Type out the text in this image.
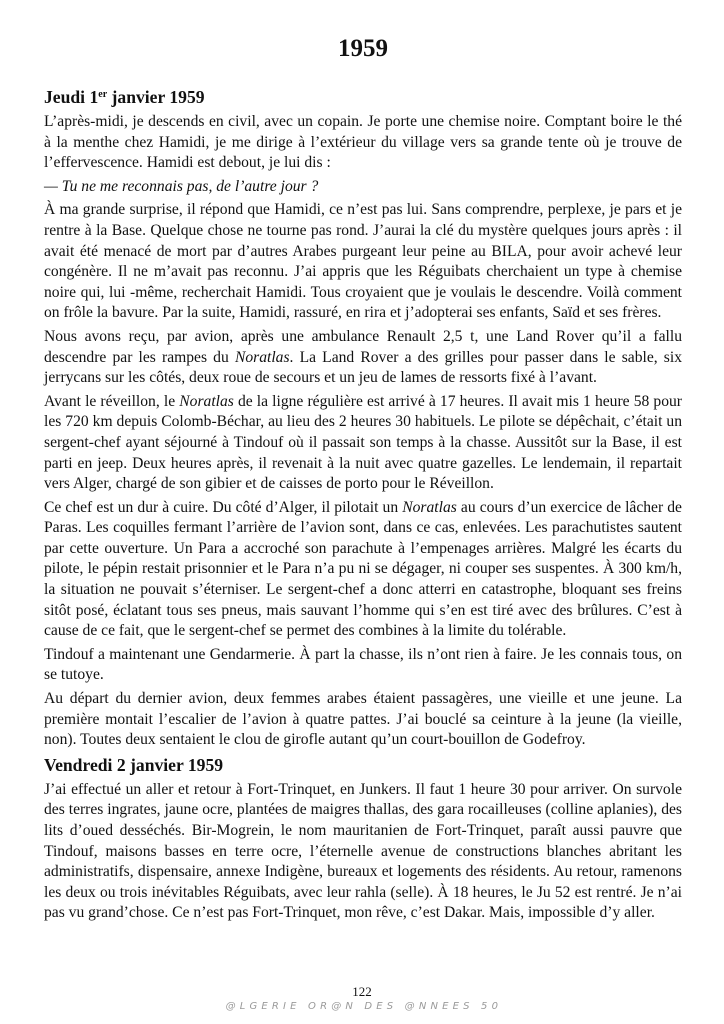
1959
Jeudi 1er janvier 1959

L’après-midi, je descends en civil, avec un copain. Je porte une chemise noire. Comptant boire le thé à la menthe chez Hamidi, je me dirige à l’extérieur du village vers sa grande tente où je trouve de l’effervescence. Hamidi est debout, je lui dis :

— Tu ne me reconnais pas, de l’autre jour ?

À ma grande surprise, il répond que Hamidi, ce n’est pas lui. Sans comprendre, perplexe, je pars et je rentre à la Base. Quelque chose ne tourne pas rond. J’aurai la clé du mystère quelques jours après : il avait été menacé de mort par d’autres Arabes purgeant leur peine au BILA, pour avoir achevé leur congénère. Il ne m’avait pas reconnu. J’ai appris que les Réguibats cherchaient un type à chemise noire qui, lui -même, recherchait Hamidi. Tous croyaient que je voulais le descendre. Voilà comment on frôle la bavure. Par la suite, Hamidi, rassuré, en rira et j’adopterai ses enfants, Saïd et ses frères.

Nous avons reçu, par avion, après une ambulance Renault 2,5 t, une Land Rover qu’il a fallu descendre par les rampes du Noratlas. La Land Rover a des grilles pour passer dans le sable, six jerrycans sur les côtés, deux roue de secours et un jeu de lames de ressorts fixé à l’avant.

Avant le réveillon, le Noratlas de la ligne régulière est arrivé à 17 heures. Il avait mis 1 heure 58 pour les 720 km depuis Colomb-Béchar, au lieu des 2 heures 30 habituels. Le pilote se dépêchait, c’était un sergent-chef ayant séjourné à Tindouf où il passait son temps à la chasse. Aussitôt sur la Base, il est parti en jeep. Deux heures après, il revenait à la nuit avec quatre gazelles. Le lendemain, il repartait vers Alger, chargé de son gibier et de caisses de porto pour le Réveillon.

Ce chef est un dur à cuire. Du côté d’Alger, il pilotait un Noratlas au cours d’un exercice de lâcher de Paras. Les coquilles fermant l’arrière de l’avion sont, dans ce cas, enlevées. Les parachutistes sautent par cette ouverture. Un Para a accroché son parachute à l’empenages arrières. Malgré les écarts du pilote, le pépin restait prisonnier et le Para n’a pu ni se dégager, ni couper ses suspentes. À 300 km/h, la situation ne pouvait s’éterniser. Le sergent-chef a donc atterri en catastrophe, bloquant ses freins sitôt posé, éclatant tous ses pneus, mais sauvant l’homme qui s’en est tiré avec des brûlures. C’est à cause de ce fait, que le sergent-chef se permet des combines à la limite du tolérable.

Tindouf a maintenant une Gendarmerie. À part la chasse, ils n’ont rien à faire. Je les connais tous, on se tutoye.

Au départ du dernier avion, deux femmes arabes étaient passagères, une vieille et une jeune. La première montait l’escalier de l’avion à quatre pattes. J’ai bouclé sa ceinture à la jeune (la vieille, non). Toutes deux sentaient le clou de girofle autant qu’un court-bouillon de Godefroy.

Vendredi 2 janvier 1959

J’ai effectué un aller et retour à Fort-Trinquet, en Junkers. Il faut 1 heure 30 pour arriver. On survole des terres ingrates, jaune ocre, plantées de maigres thallas, des gara rocailleuses (colline aplanies), des lits d’oued desséchés. Bir-Mogrein, le nom mauritanien de Fort-Trinquet, paraît aussi pauvre que Tindouf, maisons basses en terre ocre, l’éternelle avenue de constructions blanches abritant les administratifs, dispensaire, annexe Indigène, bureaux et logements des résidents. Au retour, ramenons les deux ou trois inévitables Réguibats, avec leur rahla (selle). À 18 heures, le Ju 52 est rentré. Je n’ai pas vu grand’chose. Ce n’est pas Fort-Trinquet, mon rêve, c’est Dakar. Mais, impossible d’y aller.

122
@ L G E R I E   O R @ N   D E S   @ N N E E S   5 0
